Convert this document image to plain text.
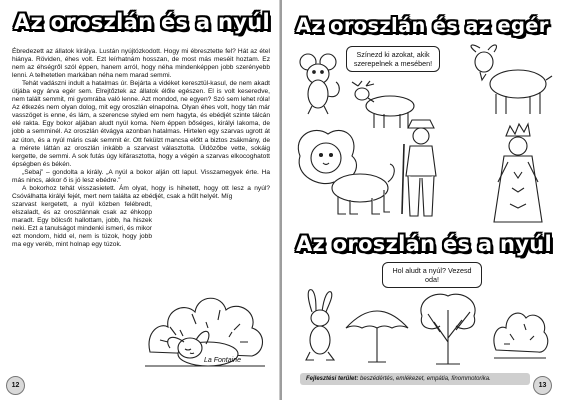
Az oroszlán és a nyúl

Ébredezett az állatok királya. Lustán nyújtózkodott. Hogy mi ébresztette fel? Hát az étel hiánya. Röviden, éhes volt. Ezt leírhatnám hosszan, de most más meséit hoztam. Ez nem az éhségről szól éppen, hanem arról, hogy néha mindenképpen jobb szerényebb lenni. A telhetetlen markában néha nem marad semmi.

Tehát vadászni indult a hatalmas úr. Bejárta a vidéket keresztül-kasul, de nem akadt útjába egy árva egér sem. Elrejtőztek az állatok élőle egészen. El is volt keseredve, nem talált semmit, mi gyomrába való lenne. Azt mondod, ne egyen? Szó sem lehet róla! Az étkezés nem olyan dolog, mit egy oroszlán elnapolna. Olyan éhes volt, hogy tán már vasszöget is enne, és lám, a szerencse styled em nem hagyta, és ebédjét szinte tálcán elé rakta. Egy bokor aljában aludt nyúl koma. Nem éppen bőséges, királyi lakoma, de jobb a semminél. Az oroszlán étvágya azonban hatalmas. Hirtelen egy szarvas ugrott át az úton, és a nyúl máris csak semmit ér. Ott fekülzt mancsa előtt a biztos zsákmány, de a mérete láttán az oroszlán inkább a szarvast választotta. Üldözőbe vette, sokáig kergette, de semmi. A sok futás úgy kifárasztotta, hogy a végén a szarvas elkocoghatott épségben és békén.

„Sebaj” – gondolta a király. „A nyúl a bokor alján ott lapul. Visszamegyek érte. Ha más nincs, akkor ő is jó lesz ebédre.”

A bokorhoz tehát visszasietett. Ám olyat, hogy is hihetett, hogy ott lesz a nyúl? Csóválhatta királyi fejét, mert nem találta az ebédjét, csak a hűlt helyét. Míg

szarvast kergetett, a nyúl közben felébredt, elszaladt, és az oroszlánnak csak az éhkopp maradt. Egy bölcsőt hallottam, jobb, ha hiszek neki. Ezt a tanulságot mindenki ismeri, és mikor ezt mondom, hidd el, nem is túzok, hogy jobb ma egy veréb, mint holnap egy túzok.

La Fontaine
12
Az oroszlán és az egér
Színezd ki azokat, akik szerepelnek a mesében!
Az oroszlán és a nyúl
Hol aludt a nyúl? Vezesd oda!
Fejlesztési terület: beszédértés, emlékezet, empátia, finommotorika.
13
